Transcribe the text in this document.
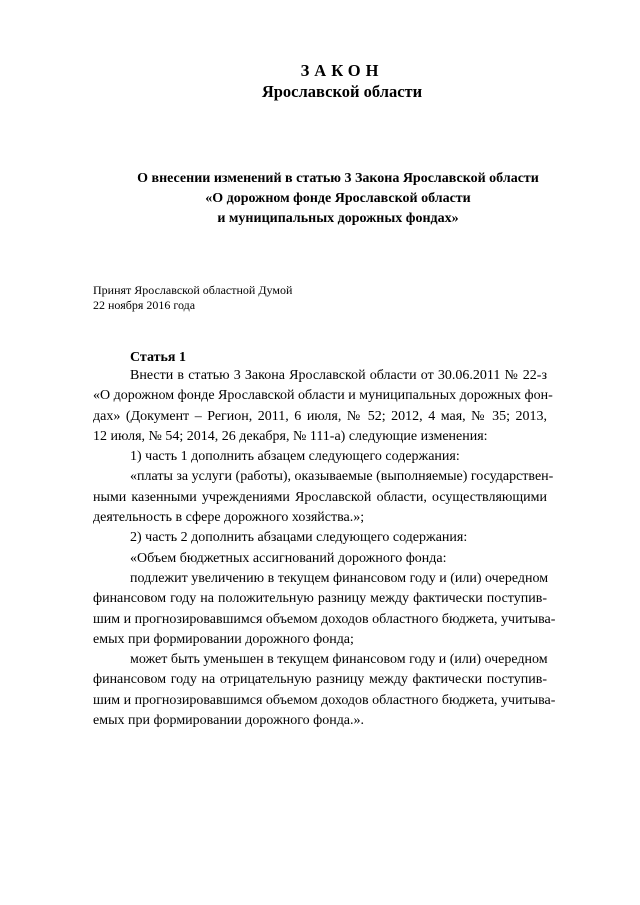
ЗАКОН
Ярославской области
О внесении изменений в статью 3 Закона Ярославской области
«О дорожном фонде Ярославской области
и муниципальных дорожных фондах»
Принят Ярославской областной Думой
22 ноября 2016 года
Статья 1
Внести в статью 3 Закона Ярославской области от 30.06.2011 № 22-з
«О дорожном фонде Ярославской области и муниципальных дорожных фон-
дах» (Документ – Регион, 2011, 6 июля, № 52; 2012, 4 мая, № 35; 2013,
12 июля, № 54; 2014, 26 декабря, № 111-а) следующие изменения:
1) часть 1 дополнить абзацем следующего содержания:
«платы за услуги (работы), оказываемые (выполняемые) государствен-
ными казенными учреждениями Ярославской области, осуществляющими
деятельность в сфере дорожного хозяйства.»;
2) часть 2 дополнить абзацами следующего содержания:
«Объем бюджетных ассигнований дорожного фонда:
подлежит увеличению в текущем финансовом году и (или) очередном
финансовом году на положительную разницу между фактически поступив-
шим и прогнозировавшимся объемом доходов областного бюджета, учитыва-
емых при формировании дорожного фонда;
может быть уменьшен в текущем финансовом году и (или) очередном
финансовом году на отрицательную разницу между фактически поступив-
шим и прогнозировавшимся объемом доходов областного бюджета, учитыва-
емых при формировании дорожного фонда.».
